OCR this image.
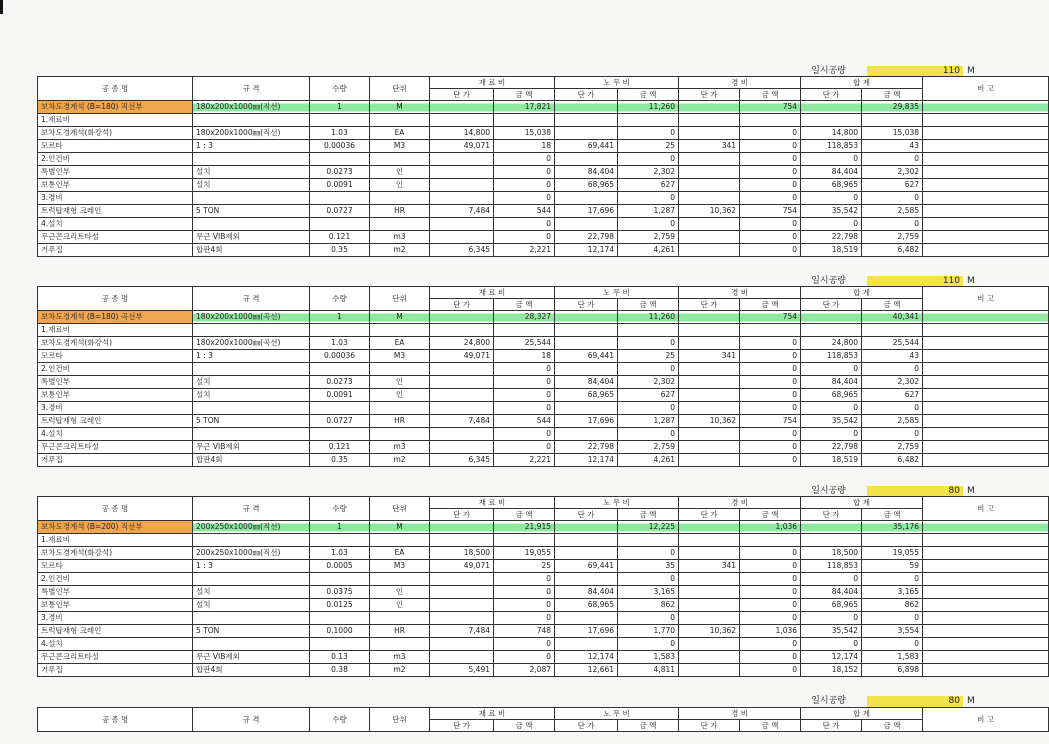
일시공량	110 M
공 종 명	규 격	수량	단위	재 료 비		노 무 비		경 비		합 계		비 고
				단 가	금 액	단 가	금 액	단 가	금 액	단 가	금 액	
보차도경계석 (B=180) 직선부	180x200x1000㎜(직선)	1	M		17,821		11,260		754		29,835	
1.재료비												
보차도경계석(화강석)	180x200x1000㎜(직선)	1.03	EA	14,800	15,038		0		0	14,800	15,038	
모르타	1 : 3	0.00036	M3	49,071	18	69,441	25	341	0	118,853	43	
2.인건비					0		0		0	0	0	
특별인부	설치	0.0273	인		0	84,404	2,302		0	84,404	2,302	
보통인부	설치	0.0091	인		0	68,965	627		0	68,965	627	
3.경비					0		0		0	0	0	
트럭탑재형 크레인	5 TON	0.0727	HR	7,484	544	17,696	1,287	10,362	754	35,542	2,585	
4.설치					0		0		0	0	0	
무근콘크리트타설	무근 VIB제외	0.121	m3		0	22,798	2,759		0	22,798	2,759	
거푸집	합판4회	0.35	m2	6,345	2,221	12,174	4,261		0	18,519	6,482	
일시공량	110 M
공 종 명	규 격	수량	단위	재 료 비		노 무 비		경 비		합 계		비 고
				단 가	금 액	단 가	금 액	단 가	금 액	단 가	금 액	
보차도경계석 (B=180) 곡선부	180x200x1000㎜(곡선)	1	M		28,327		11,260		754		40,341	
1.재료비												
보차도경계석(화강석)	180x200x1000㎜(곡선)	1.03	EA	24,800	25,544		0		0	24,800	25,544	
모르타	1 : 3	0.00036	M3	49,071	18	69,441	25	341	0	118,853	43	
2.인건비					0		0		0	0	0	
특별인부	설치	0.0273	인		0	84,404	2,302		0	84,404	2,302	
보통인부	설치	0.0091	인		0	68,965	627		0	68,965	627	
3.경비					0		0		0	0	0	
트럭탑재형 크레인	5 TON	0.0727	HR	7,484	544	17,696	1,287	10,362	754	35,542	2,585	
4.설치					0		0		0	0	0	
무근콘크리트타설	무근 VIB제외	0.121	m3		0	22,798	2,759		0	22,798	2,759	
거푸집	합판4회	0.35	m2	6,345	2,221	12,174	4,261		0	18,519	6,482	
일시공량	80 M
공 종 명	규 격	수량	단위	재 료 비		노 무 비		경 비		합 계		비 고
				단 가	금 액	단 가	금 액	단 가	금 액	단 가	금 액	
보차도경계석 (B=200) 직선부	200x250x1000㎜(직선)	1	M		21,915		12,225		1,036		35,176	
1.재료비												
보차도경계석(화강석)	200x250x1000㎜(직선)	1.03	EA	18,500	19,055		0		0	18,500	19,055	
모르타	1 : 3	0.0005	M3	49,071	25	69,441	35	341	0	118,853	59	
2.인건비					0		0		0	0	0	
특별인부	설치	0.0375	인		0	84,404	3,165		0	84,404	3,165	
보통인부	설치	0.0125	인		0	68,965	862		0	68,965	862	
3.경비					0		0		0	0	0	
트럭탑재형 크레인	5 TON	0.1000	HR	7,484	748	17,696	1,770	10,362	1,036	35,542	3,554	
4.설치					0		0		0	0	0	
무근콘크리트타설	무근 VIB제외	0.13	m3		0	12,174	1,583		0	12,174	1,583	
거푸집	합판4회	0.38	m2	5,491	2,087	12,661	4,811		0	18,152	6,898	
일시공량	80 M
공 종 명	규 격	수량	단위	재 료 비		노 무 비		경 비		합 계		비 고
				단 가	금 액	단 가	금 액	단 가	금 액	단 가	금 액	
